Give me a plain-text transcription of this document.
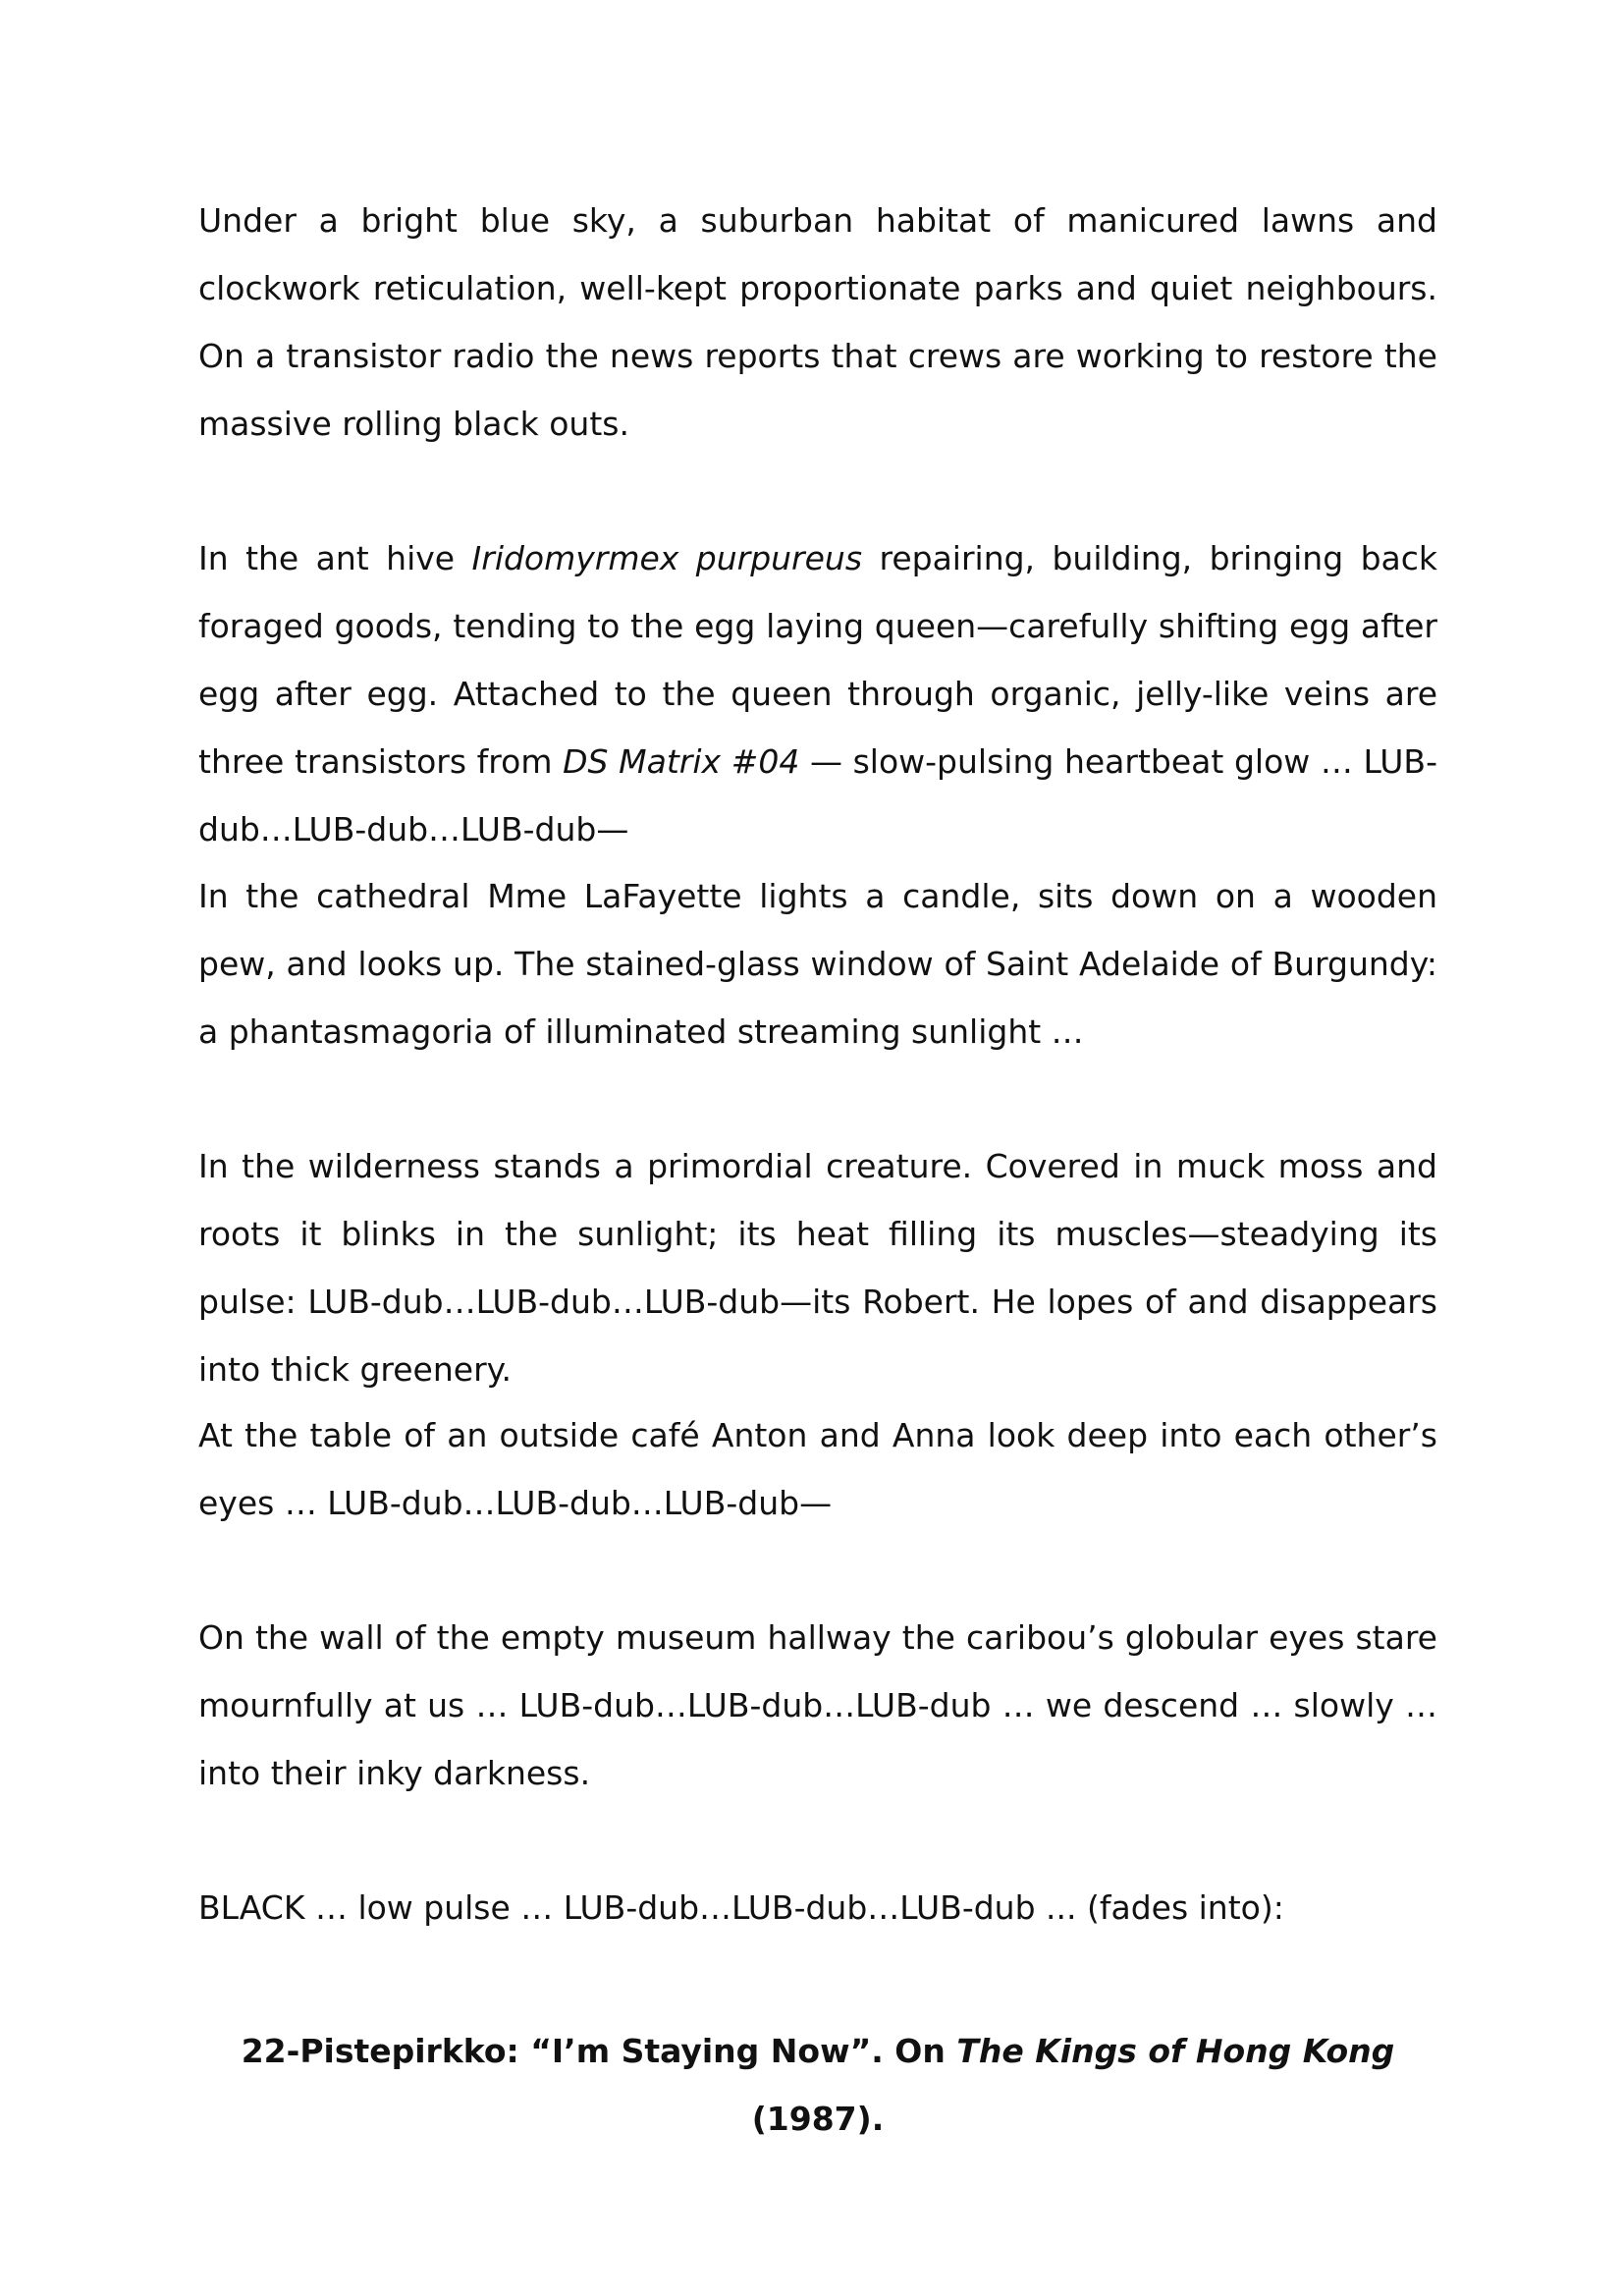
Under a bright blue sky, a suburban habitat of manicured lawns and clockwork reticulation, well-kept proportionate parks and quiet neighbours. On a transistor radio the news reports that crews are working to restore the massive rolling black outs.

In the ant hive Iridomyrmex purpureus repairing, building, bringing back foraged goods, tending to the egg laying queen—carefully shifting egg after egg after egg. Attached to the queen through organic, jelly-like veins are three transistors from DS Matrix #04 — slow-pulsing heartbeat glow … LUB-dub…LUB-dub…LUB-dub—

In the cathedral Mme LaFayette lights a candle, sits down on a wooden pew, and looks up. The stained-glass window of Saint Adelaide of Burgundy: a phantasmagoria of illuminated streaming sunlight …

In the wilderness stands a primordial creature. Covered in muck moss and roots it blinks in the sunlight; its heat filling its muscles—steadying its pulse: LUB-dub…LUB-dub…LUB-dub—its Robert. He lopes of and disappears into thick greenery.

At the table of an outside café Anton and Anna look deep into each other’s eyes … LUB-dub…LUB-dub…LUB-dub—

On the wall of the empty museum hallway the caribou’s globular eyes stare mournfully at us … LUB-dub…LUB-dub…LUB-dub … we descend … slowly … into their inky darkness.

BLACK … low pulse … LUB-dub…LUB-dub…LUB-dub ... (fades into):

22-Pistepirkko: “I’m Staying Now”. On The Kings of Hong Kong (1987).
